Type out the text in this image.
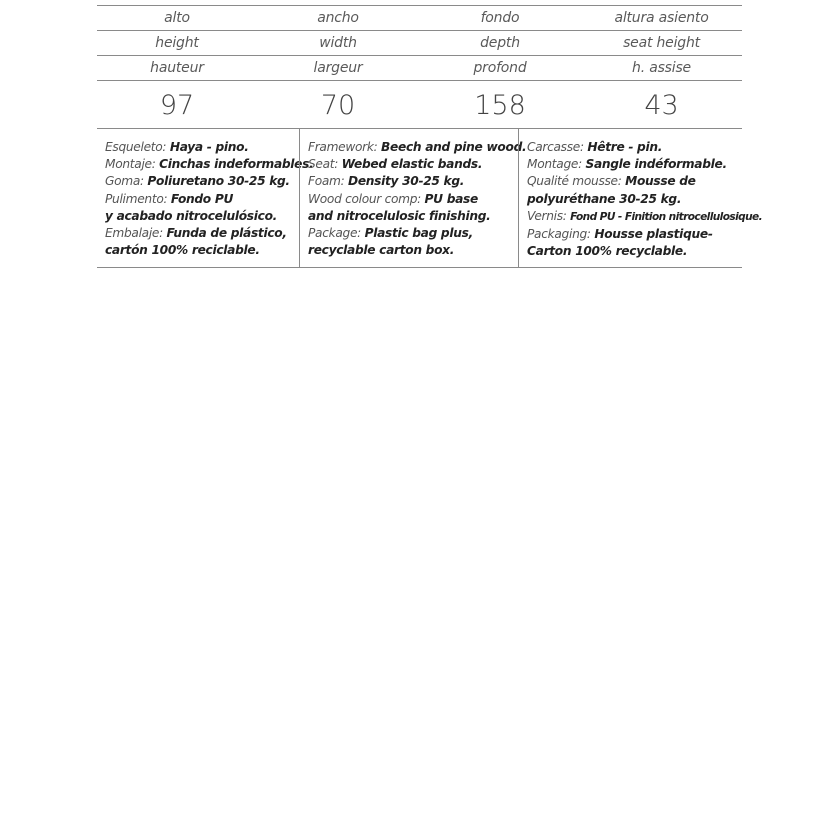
alto	ancho	fondo	altura asiento
height	width	depth	seat height
hauteur	largeur	profond	h. assise
97	70	158	43
Esqueleto: Haya - pino.
Montaje: Cinchas indeformables.
Goma: Poliuretano 30-25 kg.
Pulimento: Fondo PU
y acabado nitrocelulósico.
Embalaje: Funda de plástico,
cartón 100% reciclable.
Framework: Beech and pine wood.
Seat: Webed elastic bands.
Foam: Density 30-25 kg.
Wood colour comp: PU base
and nitrocelulosic finishing.
Package: Plastic bag plus,
recyclable carton box.
Carcasse: Hêtre - pin.
Montage: Sangle indéformable.
Qualité mousse: Mousse de
polyuréthane 30-25 kg.
Vernis: Fond PU - Finition nitrocellulosique.
Packaging: Housse plastique-
Carton 100% recyclable.
